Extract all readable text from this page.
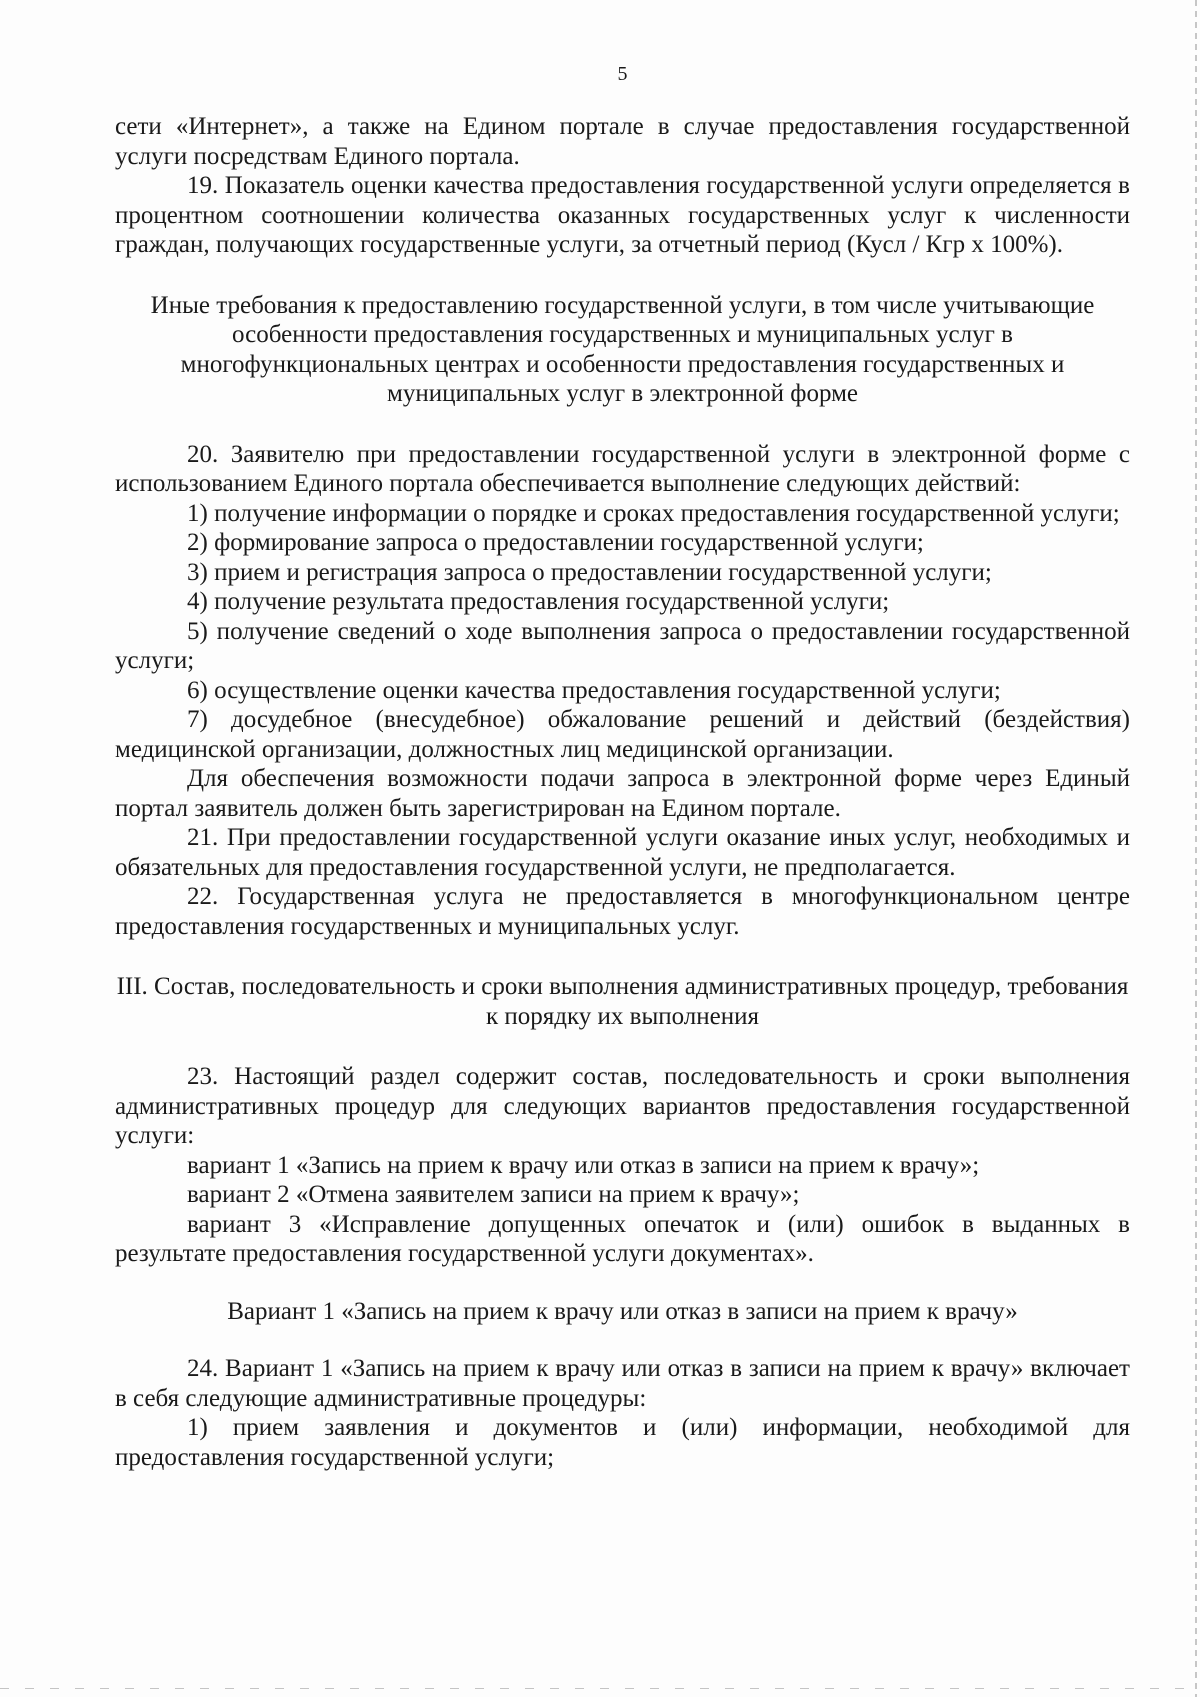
5

сети «Интернет», а также на Едином портале в случае предоставления государственной услуги посредствам Единого портала.

19. Показатель оценки качества предоставления государственной услуги определяется в процентном соотношении количества оказанных государственных услуг к численности граждан, получающих государственные услуги, за отчетный период (Кусл / Кгр х 100%).

Иные требования к предоставлению государственной услуги, в том числе учитывающие особенности предоставления государственных и муниципальных услуг в многофункциональных центрах и особенности предоставления государственных и муниципальных услуг в электронной форме

20. Заявителю при предоставлении государственной услуги в электронной форме с использованием Единого портала обеспечивается выполнение следующих действий:

1) получение информации о порядке и сроках предоставления государственной услуги;

2) формирование запроса о предоставлении государственной услуги;

3) прием и регистрация запроса о предоставлении государственной услуги;

4) получение результата предоставления государственной услуги;

5) получение сведений о ходе выполнения запроса о предоставлении государственной услуги;

6) осуществление оценки качества предоставления государственной услуги;

7) досудебное (внесудебное) обжалование решений и действий (бездействия) медицинской организации, должностных лиц медицинской организации.

Для обеспечения возможности подачи запроса в электронной форме через Единый портал заявитель должен быть зарегистрирован на Едином портале.

21. При предоставлении государственной услуги оказание иных услуг, необходимых и обязательных для предоставления государственной услуги, не предполагается.

22. Государственная услуга не предоставляется в многофункциональном центре предоставления государственных и муниципальных услуг.

III. Состав, последовательность и сроки выполнения административных процедур, требования к порядку их выполнения

23. Настоящий раздел содержит состав, последовательность и сроки выполнения административных процедур для следующих вариантов предоставления государственной услуги:

вариант 1 «Запись на прием к врачу или отказ в записи на прием к врачу»;

вариант 2 «Отмена заявителем записи на прием к врачу»;

вариант 3 «Исправление допущенных опечаток и (или) ошибок в выданных в результате предоставления государственной услуги документах».

Вариант 1 «Запись на прием к врачу или отказ в записи на прием к врачу»

24. Вариант 1 «Запись на прием к врачу или отказ в записи на прием к врачу» включает в себя следующие административные процедуры:

1) прием заявления и документов и (или) информации, необходимой для предоставления государственной услуги;
